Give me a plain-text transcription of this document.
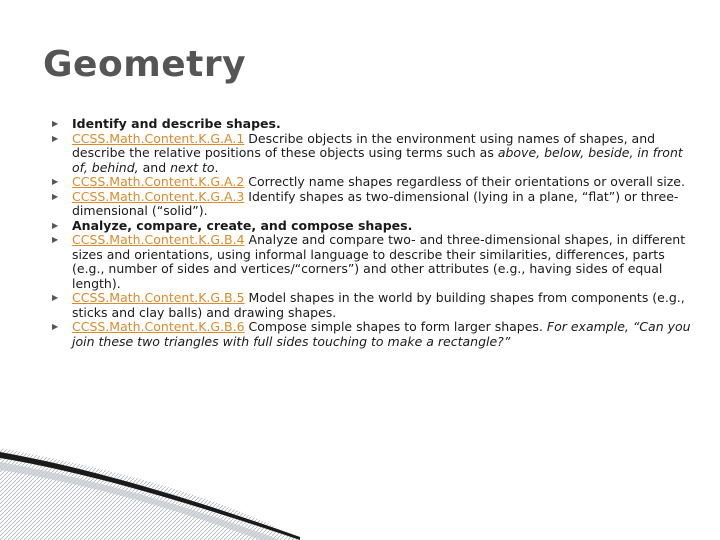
Geometry
▶ Identify and describe shapes.
▶ CCSS.Math.Content.K.G.A.1 Describe objects in the environment using names of shapes, and describe the relative positions of these objects using terms such as above, below, beside, in front of, behind, and next to.
▶ CCSS.Math.Content.K.G.A.2 Correctly name shapes regardless of their orientations or overall size.
▶ CCSS.Math.Content.K.G.A.3 Identify shapes as two-dimensional (lying in a plane, “flat”) or three-dimensional (“solid”).
▶ Analyze, compare, create, and compose shapes.
▶ CCSS.Math.Content.K.G.B.4 Analyze and compare two- and three-dimensional shapes, in different sizes and orientations, using informal language to describe their similarities, differences, parts (e.g., number of sides and vertices/“corners”) and other attributes (e.g., having sides of equal length).
▶ CCSS.Math.Content.K.G.B.5 Model shapes in the world by building shapes from components (e.g., sticks and clay balls) and drawing shapes.
▶ CCSS.Math.Content.K.G.B.6 Compose simple shapes to form larger shapes. For example, “Can you join these two triangles with full sides touching to make a rectangle?”
